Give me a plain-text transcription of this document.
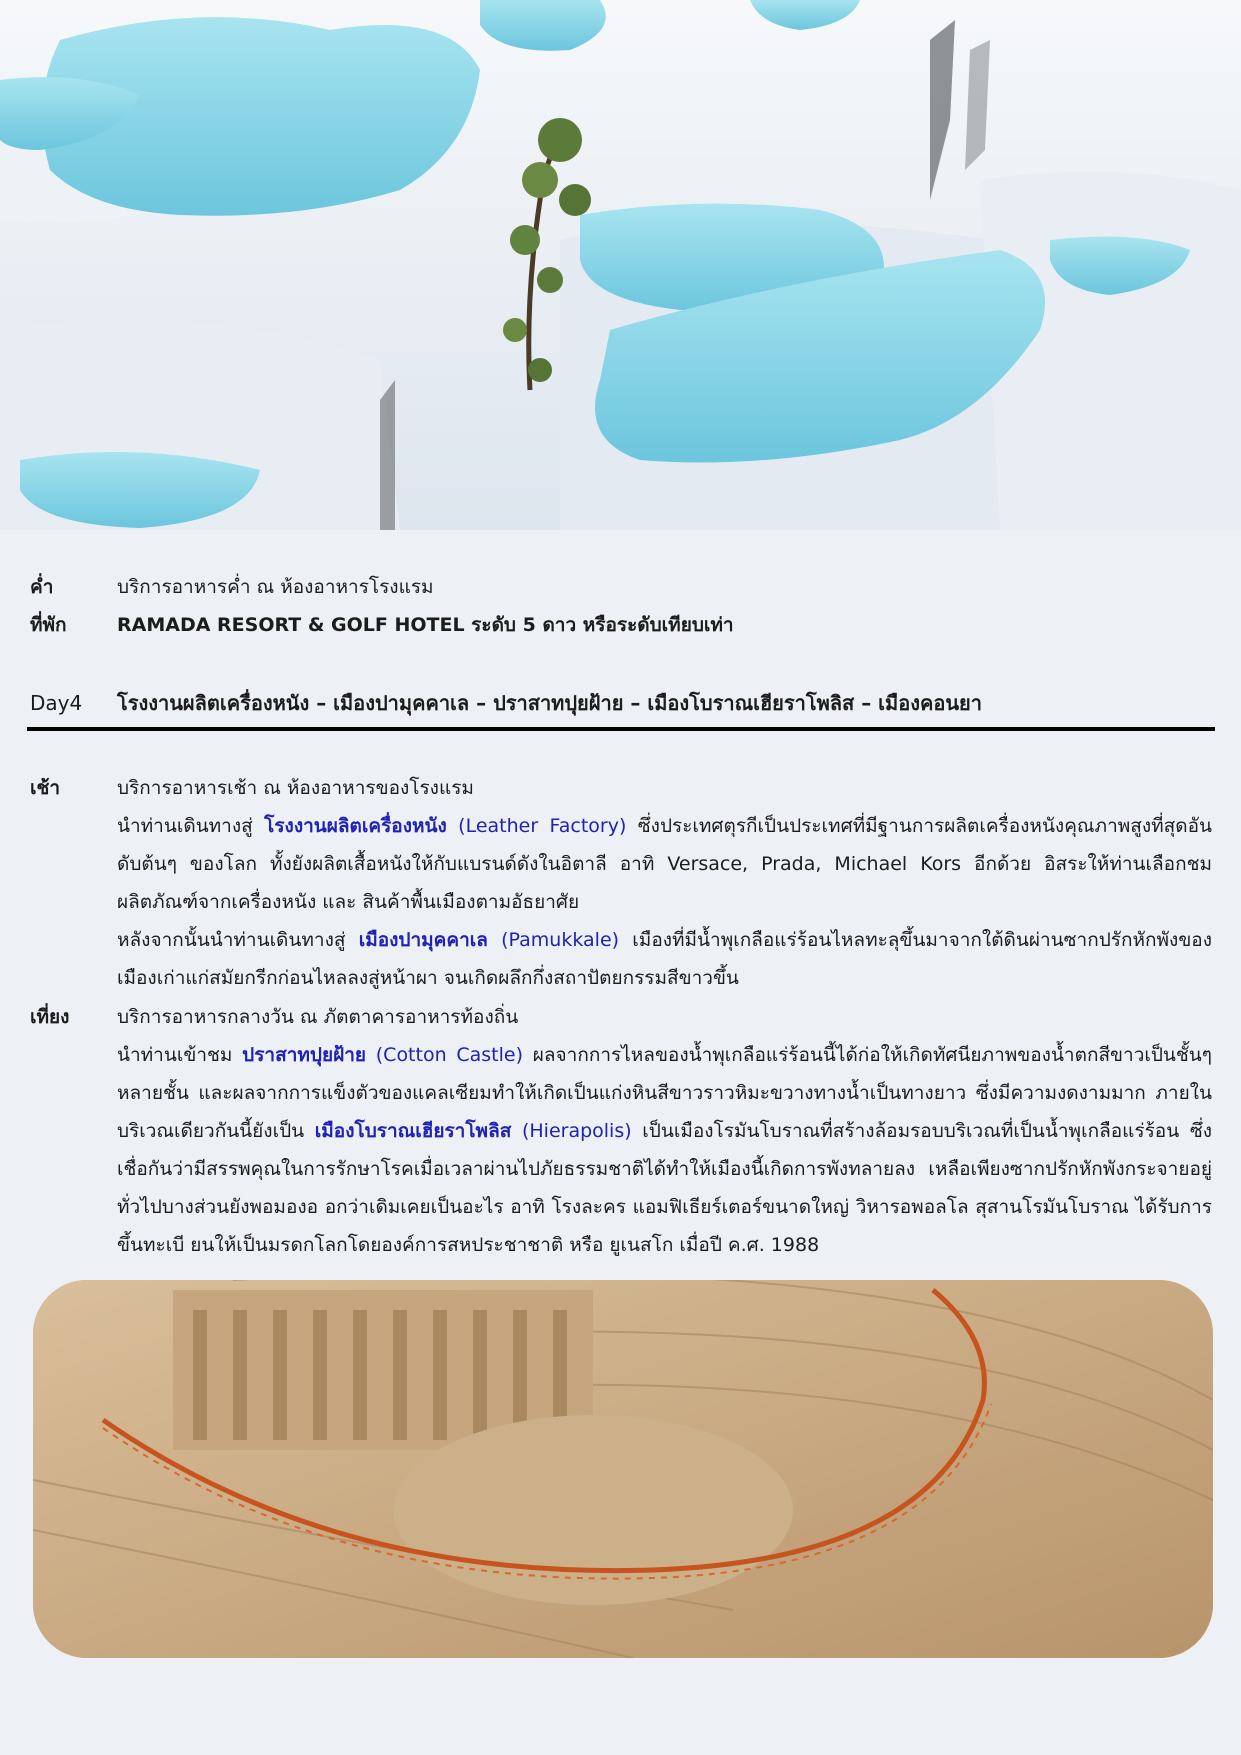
ค่ำ	บริการอาหารค่ำ ณ ห้องอาหารโรงแรม
ที่พัก	RAMADA RESORT & GOLF HOTEL ระดับ 5 ดาว หรือระดับเทียบเท่า
Day4	โรงงานผลิตเครื่องหนัง – เมืองปามุคคาเล – ปราสาทปุยฝ้าย – เมืองโบราณเฮียราโพลิส – เมืองคอนยา
เช้า	บริการอาหารเช้า ณ ห้องอาหารของโรงแรม
นำท่านเดินทางสู่ โรงงานผลิตเครื่องหนัง (Leather Factory) ซึ่งประเทศตุรกีเป็นประเทศที่มีฐานการผลิตเครื่องหนังคุณภาพสูงที่สุดอันดับต้นๆ ของโลก ทั้งยังผลิตเสื้อหนังให้กับแบรนด์ดังในอิตาลี อาทิ Versace, Prada, Michael Kors อีกด้วย อิสระให้ท่านเลือกชมผลิตภัณฑ์จากเครื่องหนัง และ สินค้าพื้นเมืองตามอัธยาศัย
หลังจากนั้นนำท่านเดินทางสู่ เมืองปามุคคาเล (Pamukkale) เมืองที่มีน้ำพุเกลือแร่ร้อนไหลทะลุขึ้นมาจากใต้ดินผ่านซากปรักหักพังของเมืองเก่าแก่สมัยกรีกก่อนไหลลงสู่หน้าผา จนเกิดผลึกกึ่งสถาปัตยกรรมสีขาวขึ้น
เที่ยง	บริการอาหารกลางวัน ณ ภัตตาคารอาหารท้องถิ่น
นำท่านเข้าชม ปราสาทปุยฝ้าย (Cotton Castle) ผลจากการไหลของน้ำพุเกลือแร่ร้อนนี้ได้ก่อให้เกิดทัศนียภาพของน้ำตกสีขาวเป็นชั้นๆ หลายชั้น และผลจากการแข็งตัวของแคลเซียมทำให้เกิดเป็นแก่งหินสีขาวราวหิมะขวางทางน้ำเป็นทางยาว ซึ่งมีความงดงามมาก ภายในบริเวณเดียวกันนี้ยังเป็น เมืองโบราณเฮียราโพลิส (Hierapolis) เป็นเมืองโรมันโบราณที่สร้างล้อมรอบบริเวณที่เป็นน้ำพุเกลือแร่ร้อน ซึ่งเชื่อกันว่ามีสรรพคุณในการรักษาโรคเมื่อเวลาผ่านไปภัยธรรมชาติได้ทำให้เมืองนี้เกิดการพังทลายลง เหลือเพียงซากปรักหักพังกระจายอยู่ทั่วไปบางส่วนยังพอมองอ อกว่าเดิมเคยเป็นอะไร อาทิ โรงละคร แอมฟิเธียร์เตอร์ขนาดใหญ่ วิหารอพอลโล สุสานโรมันโบราณ ได้รับการขึ้นทะเบี ยนให้เป็นมรดกโลกโดยองค์การสหประชาชาติ หรือ ยูเนสโก เมื่อปี ค.ศ. 1988
